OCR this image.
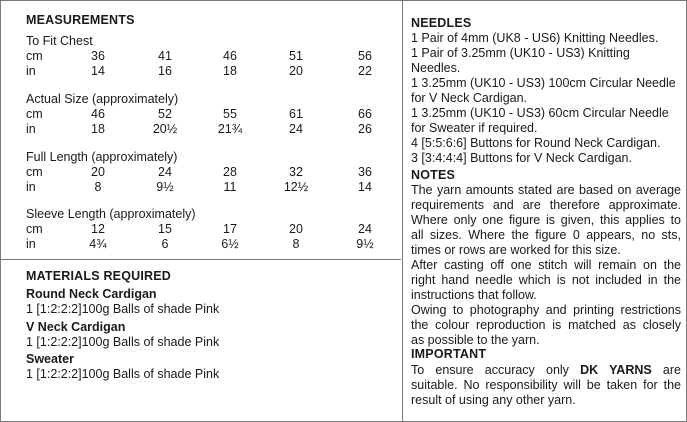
MEASUREMENTS
To Fit Chest
cm	36	41	46	51	56
in	14	16	18	20	22
Actual Size (approximately)
cm	46	52	55	61	66
in	18	20½	21¾	24	26
Full Length (approximately)
cm	20	24	28	32	36
in	8	9½	11	12½	14
Sleeve Length (approximately)
cm	12	15	17	20	24
in	4¾	6	6½	8	9½
MATERIALS REQUIRED
Round Neck Cardigan
1 [1:2:2:2]100g Balls of shade Pink
V Neck Cardigan
1 [1:2:2:2]100g Balls of shade Pink
Sweater
1 [1:2:2:2]100g Balls of shade Pink
NEEDLES
1 Pair of 4mm (UK8 - US6) Knitting Needles.
1 Pair of 3.25mm (UK10 - US3) Knitting
Needles.
1 3.25mm (UK10 - US3) 100cm Circular Needle
for V Neck Cardigan.
1 3.25mm (UK10 - US3) 60cm Circular Needle
for Sweater if required.
4 [5:5:6:6] Buttons for Round Neck Cardigan.
3 [3:4:4:4] Buttons for V Neck Cardigan.
NOTES
The yarn amounts stated are based on average
requirements and are therefore approximate.
Where only one figure is given, this applies to
all sizes. Where the figure 0 appears, no sts,
times or rows are worked for this size.
After casting off one stitch will remain on the
right hand needle which is not included in the
instructions that follow.
Owing to photography and printing restrictions
the colour reproduction is matched as closely
as possible to the yarn.
IMPORTANT
To ensure accuracy only DK YARNS are
suitable. No responsibility will be taken for the
result of using any other yarn.
